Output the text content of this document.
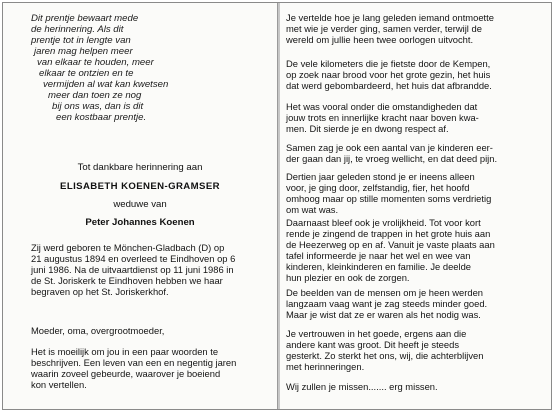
Dit prentje bewaart mede
de herinnering. Als dit
prentje tot in lengte van
jaren mag helpen meer
van elkaar te houden, meer
elkaar te ontzien en te
vermijden al wat kan kwetsen
meer dan toen ze nog
bij ons was, dan is dit
een kostbaar prentje.
Tot dankbare herinnering aan
ELISABETH KOENEN-GRAMSER
weduwe van
Peter Johannes Koenen
Zij werd geboren te Mönchen-Gladbach (D) op
21 augustus 1894 en overleed te Eindhoven op 6
juni 1986. Na de uitvaartdienst op 11 juni 1986 in
de St. Joriskerk te Eindhoven hebben we haar
begraven op het St. Joriskerkhof.
Moeder, oma, overgrootmoeder,
Het is moeilijk om jou in een paar woorden te
beschrijven. Een leven van een en negentig jaren
waarin zoveel gebeurde, waarover je boeiend
kon vertellen.
Je vertelde hoe je lang geleden iemand ontmoette
met wie je verder ging, samen verder, terwijl de
wereld om jullie heen twee oorlogen uitvocht.
De vele kilometers die je fietste door de Kempen,
op zoek naar brood voor het grote gezin, het huis
dat werd gebombardeerd, het huis dat afbrandde.
Het was vooral onder die omstandigheden dat
jouw trots en innerlijke kracht naar boven kwa-
men. Dit sierde je en dwong respect af.
Samen zag je ook een aantal van je kinderen eer-
der gaan dan jij, te vroeg wellicht, en dat deed pijn.
Dertien jaar geleden stond je er ineens alleen
voor, je ging door, zelfstandig, fier, het hoofd
omhoog maar op stille momenten soms verdrietig
om wat was.
Daarnaast bleef ook je vrolijkheid. Tot voor kort
rende je zingend de trappen in het grote huis aan
de Heezerweg op en af. Vanuit je vaste plaats aan
tafel informeerde je naar het wel en wee van
kinderen, kleinkinderen en familie. Je deelde
hun plezier en ook de zorgen.
De beelden van de mensen om je heen werden
langzaam vaag want je zag steeds minder goed.
Maar je wist dat ze er waren als het nodig was.
Je vertrouwen in het goede, ergens aan die
andere kant was groot. Dit heeft je steeds
gesterkt. Zo sterkt het ons, wij, die achterblijven
met herinneringen.
Wij zullen je missen....... erg missen.
